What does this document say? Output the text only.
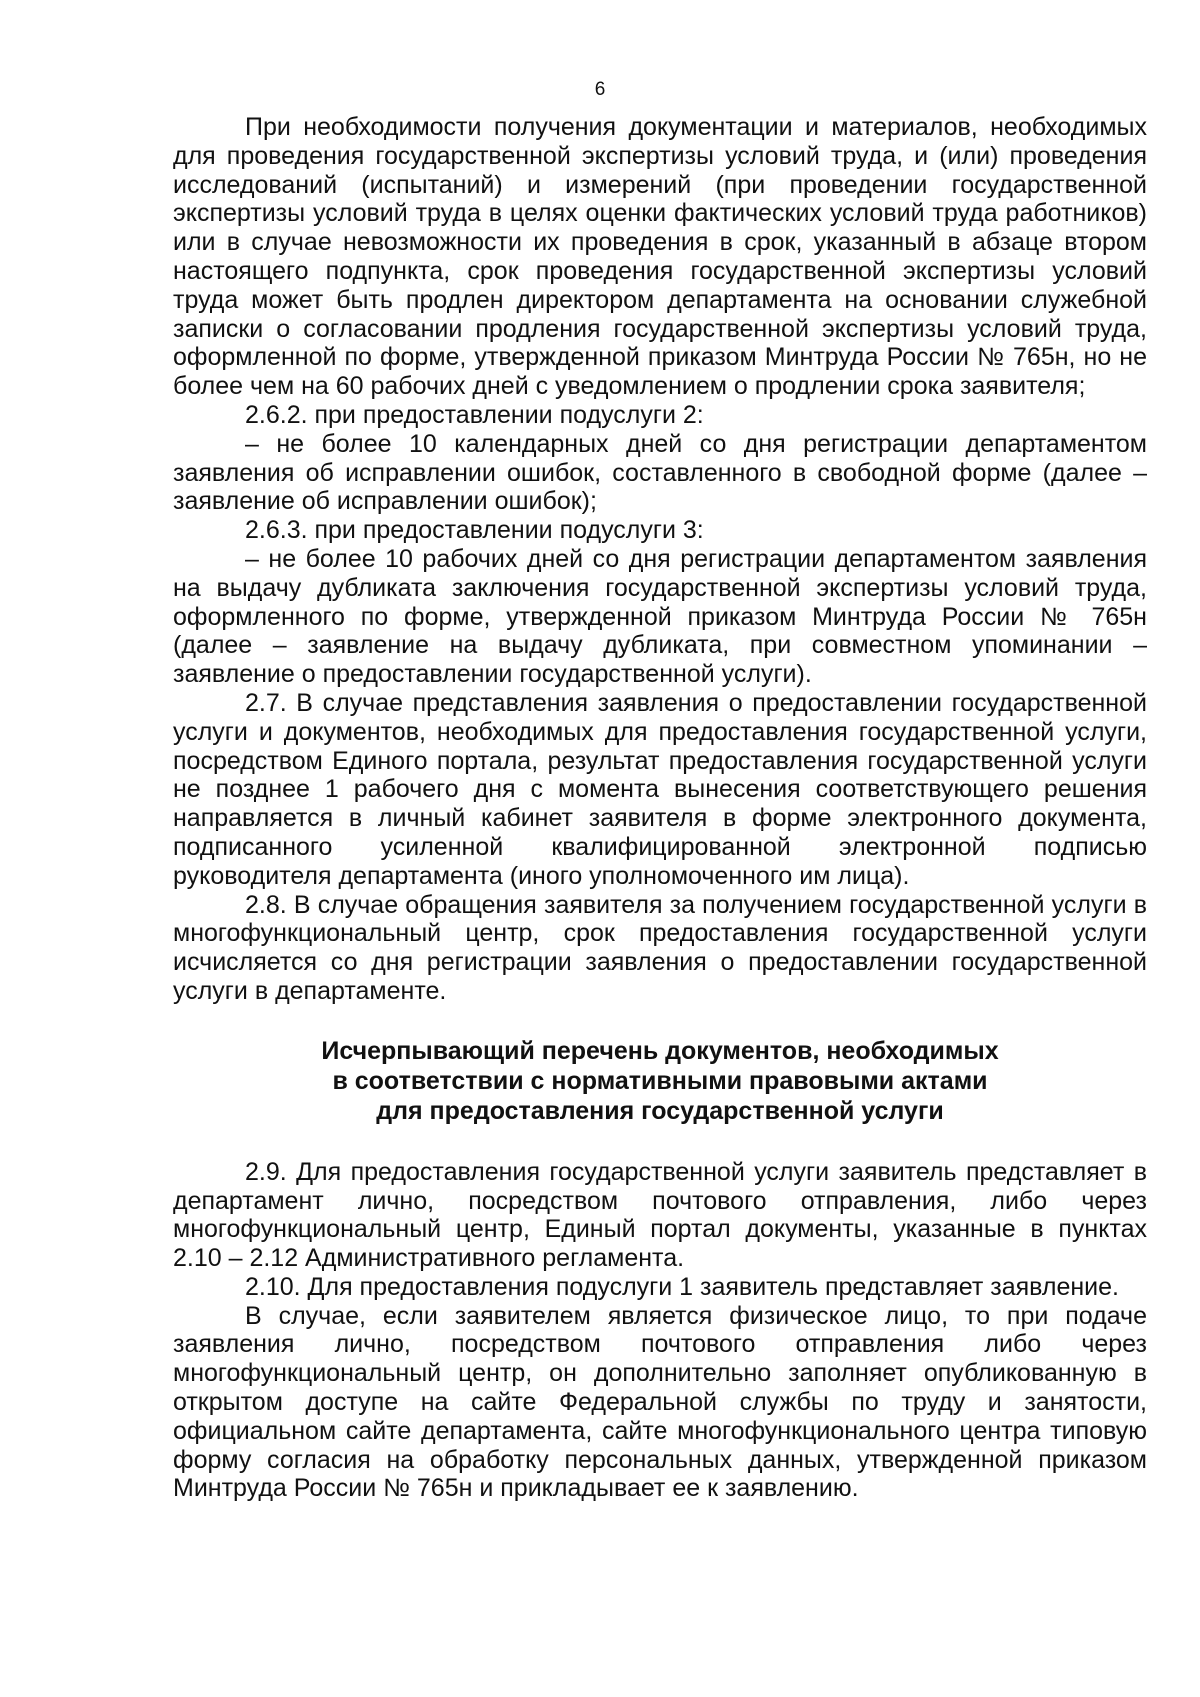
6

При необходимости получения документации и материалов, необходимых для проведения государственной экспертизы условий труда, и (или) проведения исследований (испытаний) и измерений (при проведении государственной экспертизы условий труда в целях оценки фактических условий труда работников) или в случае невозможности их проведения в срок, указанный в абзаце втором настоящего подпункта, срок проведения государственной экспертизы условий труда может быть продлен директором департамента на основании служебной записки о согласовании продления государственной экспертизы условий труда, оформленной по форме, утвержденной приказом Минтруда России № 765н, но не более чем на 60 рабочих дней с уведомлением о продлении срока заявителя;

2.6.2. при предоставлении подуслуги 2:

– не более 10 календарных дней со дня регистрации департаментом заявления об исправлении ошибок, составленного в свободной форме (далее – заявление об исправлении ошибок);

2.6.3. при предоставлении подуслуги 3:

– не более 10 рабочих дней со дня регистрации департаментом заявления на выдачу дубликата заключения государственной экспертизы условий труда, оформленного по форме, утвержденной приказом Минтруда России № 765н (далее – заявление на выдачу дубликата, при совместном упоминании – заявление о предоставлении государственной услуги).

2.7. В случае представления заявления о предоставлении государственной услуги и документов, необходимых для предоставления государственной услуги, посредством Единого портала, результат предоставления государственной услуги не позднее 1 рабочего дня с момента вынесения соответствующего решения направляется в личный кабинет заявителя в форме электронного документа, подписанного усиленной квалифицированной электронной подписью руководителя департамента (иного уполномоченного им лица).

2.8. В случае обращения заявителя за получением государственной услуги в многофункциональный центр, срок предоставления государственной услуги исчисляется со дня регистрации заявления о предоставлении государственной услуги в департаменте.

Исчерпывающий перечень документов, необходимых
в соответствии с нормативными правовыми актами
для предоставления государственной услуги

2.9. Для предоставления государственной услуги заявитель представляет в департамент лично, посредством почтового отправления, либо через многофункциональный центр, Единый портал документы, указанные в пунктах 2.10 – 2.12 Административного регламента.

2.10. Для предоставления подуслуги 1 заявитель представляет заявление.

В случае, если заявителем является физическое лицо, то при подаче заявления лично, посредством почтового отправления либо через многофункциональный центр, он дополнительно заполняет опубликованную в открытом доступе на сайте Федеральной службы по труду и занятости, официальном сайте департамента, сайте многофункционального центра типовую форму согласия на обработку персональных данных, утвержденной приказом Минтруда России № 765н и прикладывает ее к заявлению.
